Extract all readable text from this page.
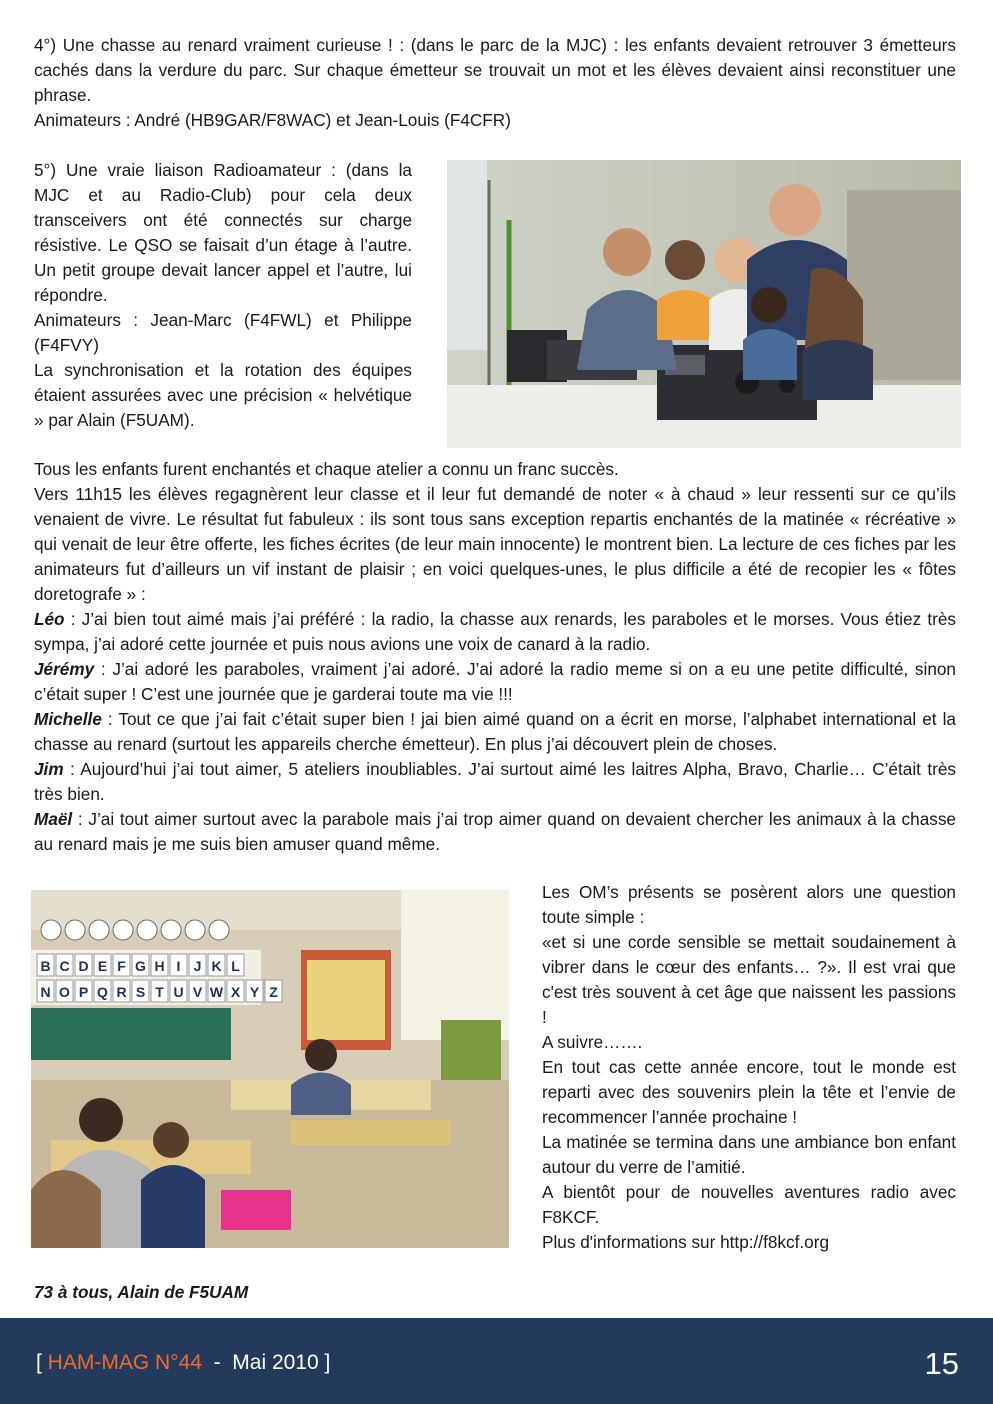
4°) Une chasse au renard vraiment curieuse ! : (dans le parc de la MJC) : les enfants devaient retrouver 3 émetteurs cachés dans la verdure du parc. Sur chaque émetteur se trouvait un mot et les élèves devaient ainsi reconstituer une phrase.

Animateurs : André (HB9GAR/F8WAC) et Jean-Louis (F4CFR)

5°) Une vraie liaison Radioamateur : (dans la MJC et au Radio-Club) pour cela deux transceivers ont été connectés sur charge résistive. Le QSO se faisait d’un étage à l’autre. Un petit groupe devait lancer appel et l’autre, lui répondre.

Animateurs : Jean-Marc (F4FWL) et Philippe (F4FVY)

La synchronisation et la rotation des équipes étaient assurées avec une précision « helvétique » par Alain (F5UAM).

Tous les enfants furent enchantés et chaque atelier a connu un franc succès.

Vers 11h15 les élèves regagnèrent leur classe et il leur fut demandé de noter « à chaud » leur ressenti sur ce qu’ils venaient de vivre. Le résultat fut fabuleux : ils sont tous sans exception repartis enchantés de la matinée « récréative » qui venait de leur être offerte, les fiches écrites (de leur main innocente) le montrent bien. La lecture de ces fiches par les animateurs fut d’ailleurs un vif instant de plaisir ; en voici quelques-unes, le plus difficile a été de recopier les « fôtes doretografe » :

Léo : J’ai bien tout aimé mais j’ai préféré : la radio, la chasse aux renards, les paraboles et le morses. Vous étiez très sympa, j’ai adoré cette journée et puis nous avions une voix de canard à la radio.

Jérémy : J’ai adoré les paraboles, vraiment j’ai adoré. J’ai adoré la radio meme si on a eu une petite difficulté, sinon c’était super ! C’est une journée que je garderai toute ma vie !!!

Michelle : Tout ce que j’ai fait c’était super bien ! jai bien aimé quand on a écrit en morse, l’alphabet international et la chasse au renard (surtout les appareils cherche émetteur). En plus j’ai découvert plein de choses.

Jim : Aujourd’hui j’ai tout aimer, 5 ateliers inoubliables. J’ai surtout aimé les laitres Alpha, Bravo, Charlie… C’était très très bien.

Maël : J’ai tout aimer surtout avec la parabole mais j’ai trop aimer quand on devaient chercher les animaux à la chasse au renard mais je me suis bien amuser quand même.

B C D E F G H I J K L
N O P Q R S T U V W X Y Z

Les OM’s présents se posèrent alors une question toute simple :

«et si une corde sensible se mettait soudainement à vibrer dans le cœur des enfants… ?». Il est vrai que c'est très souvent à cet âge que naissent les passions !

A suivre…….

En tout cas cette année encore, tout le monde est reparti avec des souvenirs plein la tête et l’envie de recommencer l’année prochaine !

La matinée se termina dans une ambiance bon enfant autour du verre de l’amitié.

A bientôt pour de nouvelles aventures radio avec F8KCF.

Plus d'informations sur http://f8kcf.org

73 à tous, Alain de F5UAM
[ HAM-MAG N°44  -  Mai 2010 ]	15
